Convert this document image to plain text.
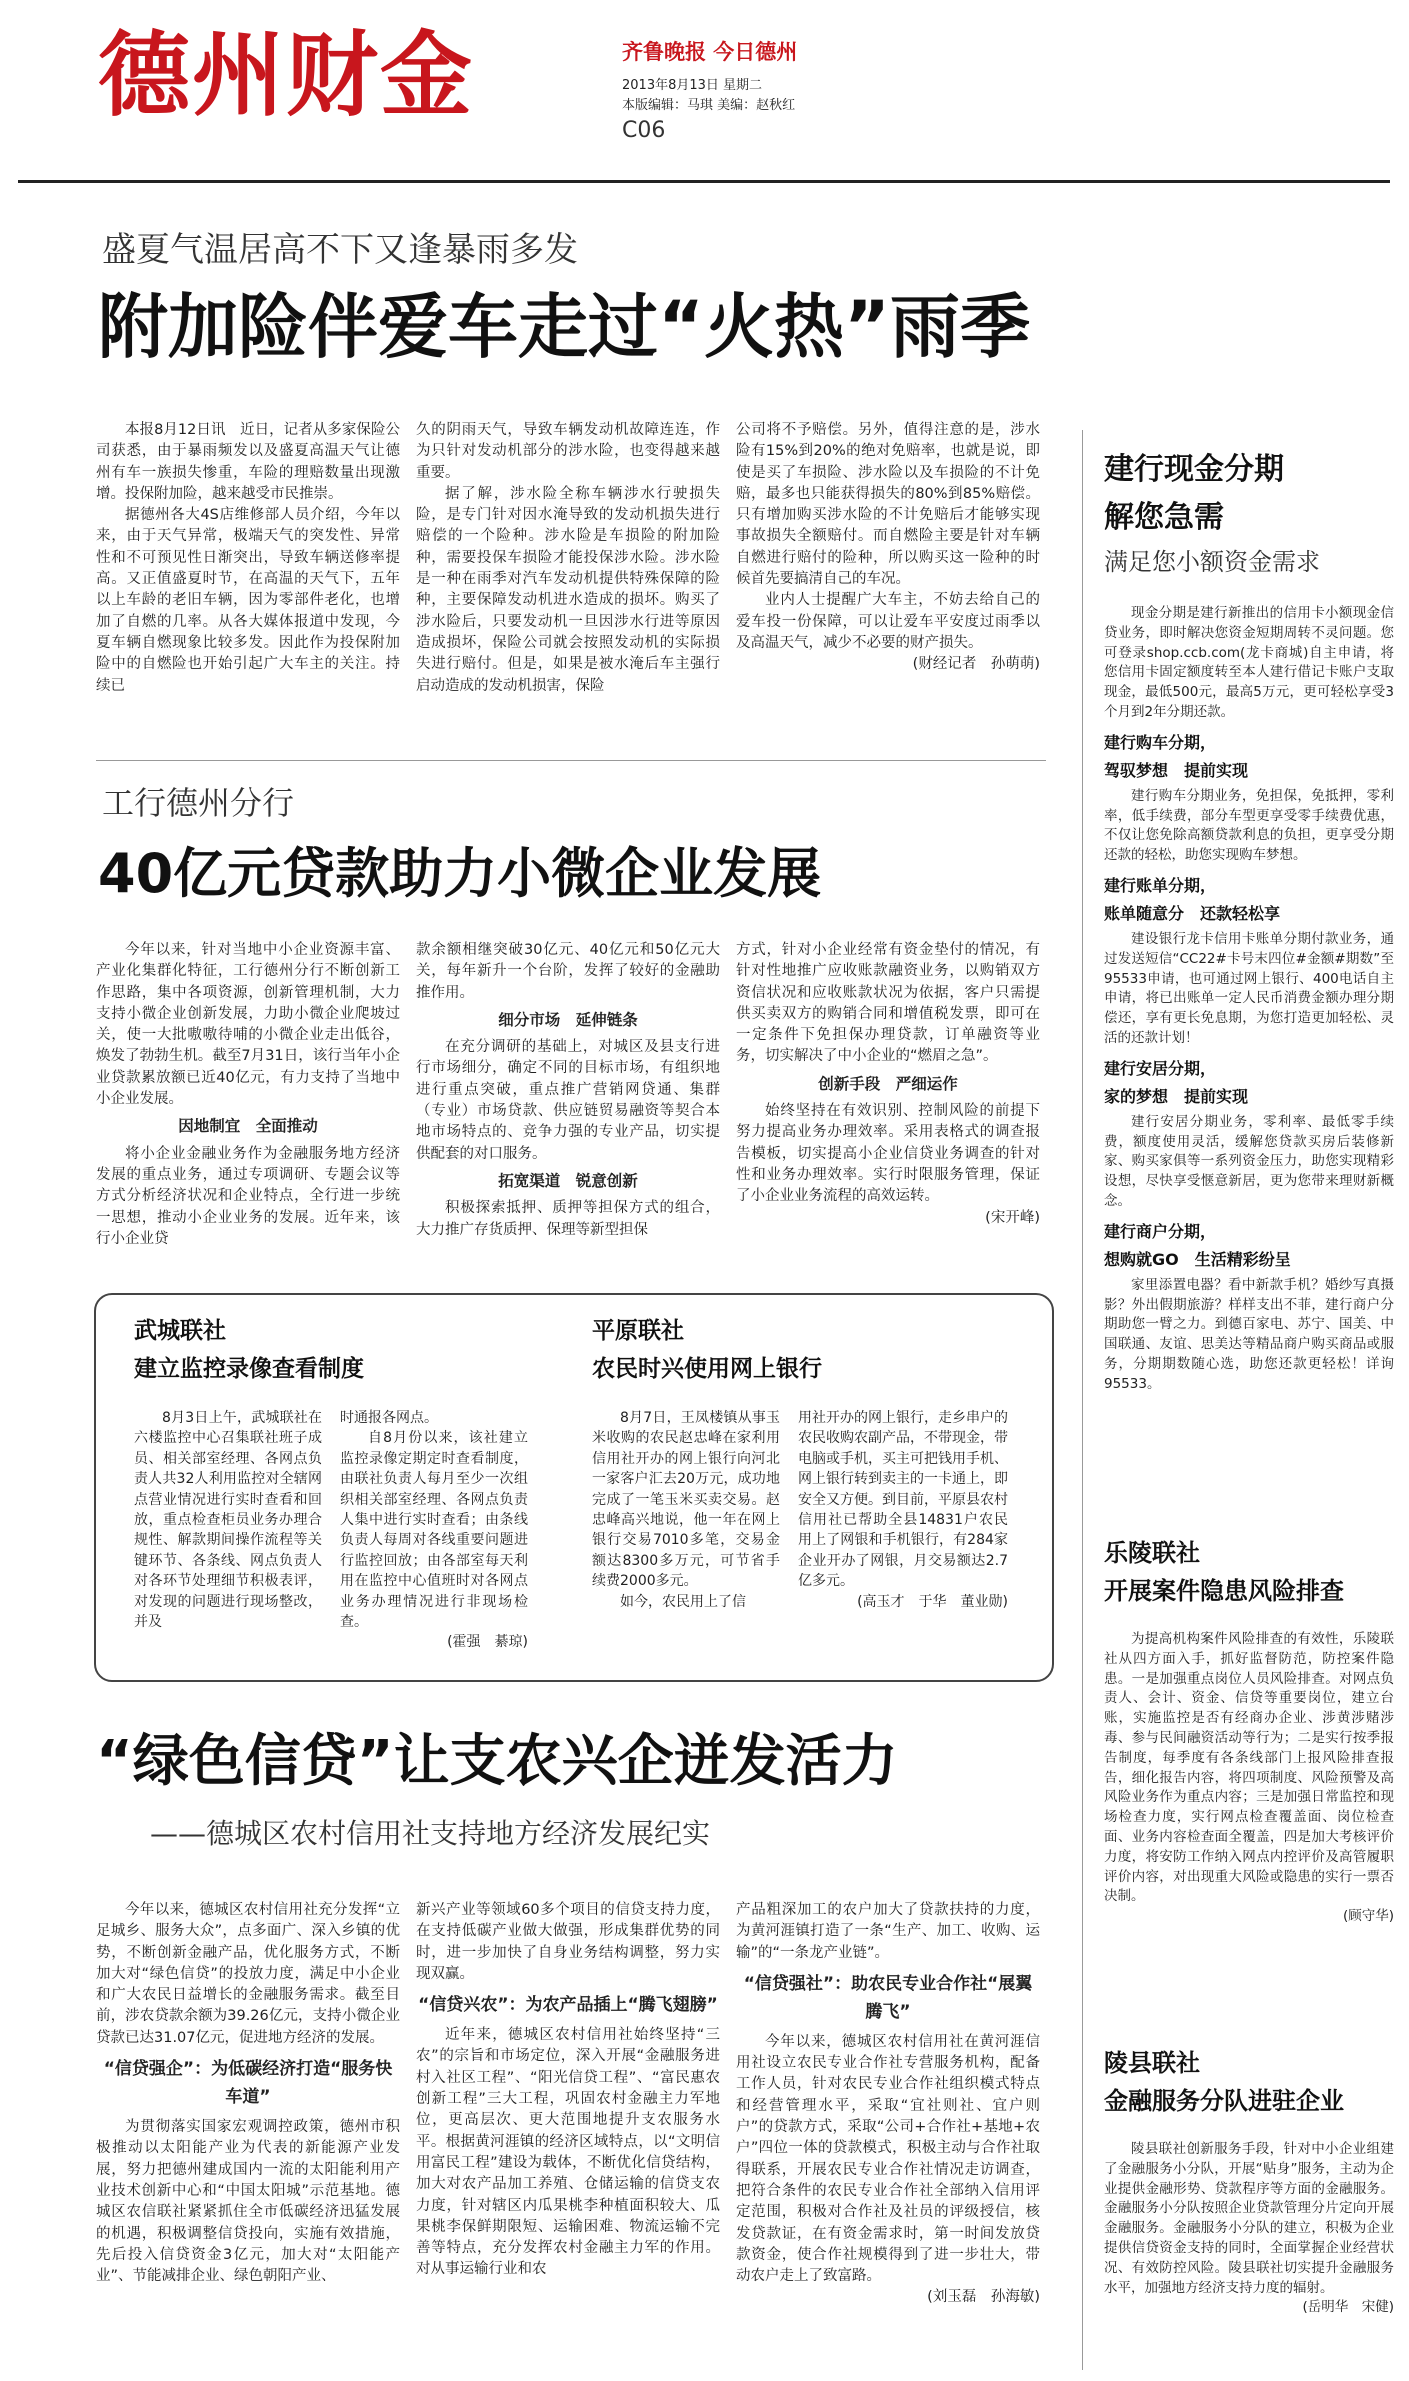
德州财金	齐鲁晚报 今日德州
2013年8月13日 星期二
本版编辑：马琪 美编：赵秋红
C06
盛夏气温居高不下又逢暴雨多发
附加险伴爱车走过“火热”雨季

本报8月12日讯　近日，记者从多家保险公司获悉，由于暴雨频发以及盛夏高温天气让德州有车一族损失惨重，车险的理赔数量出现激增。投保附加险，越来越受市民推崇。

据德州各大4S店维修部人员介绍，今年以来，由于天气异常，极端天气的突发性、异常性和不可预见性日渐突出，导致车辆送修率提高。又正值盛夏时节，在高温的天气下，五年以上车龄的老旧车辆，因为零部件老化，也增加了自燃的几率。从各大媒体报道中发现，今夏车辆自燃现象比较多发。因此作为投保附加险中的自燃险也开始引起广大车主的关注。持续已

久的阴雨天气，导致车辆发动机故障连连，作为只针对发动机部分的涉水险，也变得越来越重要。

据了解，涉水险全称车辆涉水行驶损失险，是专门针对因水淹导致的发动机损失进行赔偿的一个险种。涉水险是车损险的附加险种，需要投保车损险才能投保涉水险。涉水险是一种在雨季对汽车发动机提供特殊保障的险种，主要保障发动机进水造成的损坏。购买了涉水险后，只要发动机一旦因涉水行进等原因造成损坏，保险公司就会按照发动机的实际损失进行赔付。但是，如果是被水淹后车主强行启动造成的发动机损害，保险

公司将不予赔偿。另外，值得注意的是，涉水险有15%到20%的绝对免赔率，也就是说，即使是买了车损险、涉水险以及车损险的不计免赔，最多也只能获得损失的80%到85%赔偿。只有增加购买涉水险的不计免赔后才能够实现事故损失全额赔付。而自燃险主要是针对车辆自燃进行赔付的险种，所以购买这一险种的时候首先要搞清自己的车况。

业内人士提醒广大车主，不妨去给自己的爱车投一份保障，可以让爱车平安度过雨季以及高温天气，减少不必要的财产损失。

(财经记者　孙萌萌)
工行德州分行
40亿元贷款助力小微企业发展

今年以来，针对当地中小企业资源丰富、产业化集群化特征，工行德州分行不断创新工作思路，集中各项资源，创新管理机制，大力支持小微企业创新发展，力助小微企业爬坡过关，使一大批嗷嗷待哺的小微企业走出低谷，焕发了勃勃生机。截至7月31日，该行当年小企业贷款累放额已近40亿元，有力支持了当地中小企业发展。

因地制宜　全面推动

将小企业金融业务作为金融服务地方经济发展的重点业务，通过专项调研、专题会议等方式分析经济状况和企业特点，全行进一步统一思想，推动小企业业务的发展。近年来，该行小企业贷

款余额相继突破30亿元、40亿元和50亿元大关，每年新升一个台阶，发挥了较好的金融助推作用。

细分市场　延伸链条

在充分调研的基础上，对城区及县支行进行市场细分，确定不同的目标市场，有组织地进行重点突破，重点推广营销网贷通、集群（专业）市场贷款、供应链贸易融资等契合本地市场特点的、竞争力强的专业产品，切实提供配套的对口服务。

拓宽渠道　锐意创新

积极探索抵押、质押等担保方式的组合，大力推广存货质押、保理等新型担保

方式，针对小企业经常有资金垫付的情况，有针对性地推广应收账款融资业务，以购销双方资信状况和应收账款状况为依据，客户只需提供买卖双方的购销合同和增值税发票，即可在一定条件下免担保办理贷款，订单融资等业务，切实解决了中小企业的“燃眉之急”。

创新手段　严细运作

始终坚持在有效识别、控制风险的前提下努力提高业务办理效率。采用表格式的调查报告模板，切实提高小企业信贷业务调查的针对性和业务办理效率。实行时限服务管理，保证了小企业业务流程的高效运转。

(宋开峰)
武城联社
建立监控录像查看制度

8月3日上午，武城联社在六楼监控中心召集联社班子成员、相关部室经理、各网点负责人共32人利用监控对全辖网点营业情况进行实时查看和回放，重点检查柜员业务办理合规性、解款期间操作流程等关键环节、各条线、网点负责人对各环节处理细节积极表评，对发现的问题进行现场整改，并及

时通报各网点。

自8月份以来，该社建立监控录像定期定时查看制度，由联社负责人每月至少一次组织相关部室经理、各网点负责人集中进行实时查看；由条线负责人每周对各线重要问题进行监控回放；由各部室每天利用在监控中心值班时对各网点业务办理情况进行非现场检查。

(霍强　綦琼)
平原联社
农民时兴使用网上银行

8月7日，王凤楼镇从事玉米收购的农民赵忠峰在家利用信用社开办的网上银行向河北一家客户汇去20万元，成功地完成了一笔玉米买卖交易。赵忠峰高兴地说，他一年在网上银行交易7010多笔，交易金额达8300多万元，可节省手续费2000多元。

如今，农民用上了信

用社开办的网上银行，走乡串户的农民收购农副产品，不带现金，带电脑或手机，买主可把钱用手机、网上银行转到卖主的一卡通上，即安全又方便。到目前，平原县农村信用社已帮助全县14831户农民用上了网银和手机银行，有284家企业开办了网银，月交易额达2.7亿多元。

(高玉才　于华　董业勋)
“绿色信贷”让支农兴企迸发活力
——德城区农村信用社支持地方经济发展纪实

今年以来，德城区农村信用社充分发挥“立足城乡、服务大众”，点多面广、深入乡镇的优势，不断创新金融产品，优化服务方式，不断加大对“绿色信贷”的投放力度，满足中小企业和广大农民日益增长的金融服务需求。截至目前，涉农贷款余额为39.26亿元，支持小微企业贷款已达31.07亿元，促进地方经济的发展。

“信贷强企”：为低碳经济打造“服务快车道”

为贯彻落实国家宏观调控政策，德州市积极推动以太阳能产业为代表的新能源产业发展，努力把德州建成国内一流的太阳能利用产业技术创新中心和“中国太阳城”示范基地。德城区农信联社紧紧抓住全市低碳经济迅猛发展的机遇，积极调整信贷投向，实施有效措施，先后投入信贷资金3亿元，加大对“太阳能产业”、节能减排企业、绿色朝阳产业、

新兴产业等领域60多个项目的信贷支持力度，在支持低碳产业做大做强，形成集群优势的同时，进一步加快了自身业务结构调整，努力实现双赢。

“信贷兴农”：为农产品插上“腾飞翅膀”

近年来，德城区农村信用社始终坚持“三农”的宗旨和市场定位，深入开展“金融服务进村入社区工程”、“阳光信贷工程”、“富民惠农创新工程”三大工程，巩固农村金融主力军地位，更高层次、更大范围地提升支农服务水平。根据黄河涯镇的经济区域特点，以“文明信用富民工程”建设为载体，不断优化信贷结构，加大对农产品加工养殖、仓储运输的信贷支农力度，针对辖区内瓜果桃李种植面积较大、瓜果桃李保鲜期限短、运输困难、物流运输不完善等特点，充分发挥农村金融主力军的作用。对从事运输行业和农

产品粗深加工的农户加大了贷款扶持的力度，为黄河涯镇打造了一条“生产、加工、收购、运输”的“一条龙产业链”。

“信贷强社”：助农民专业合作社“展翼腾飞”

今年以来，德城区农村信用社在黄河涯信用社设立农民专业合作社专营服务机构，配备工作人员，针对农民专业合作社组织模式特点和经营管理水平，采取“宜社则社、宜户则户”的贷款方式，采取“公司+合作社+基地+农户”四位一体的贷款模式，积极主动与合作社取得联系，开展农民专业合作社情况走访调查，把符合条件的农民专业合作社全部纳入信用评定范围，积极对合作社及社员的评级授信，核发贷款证，在有资金需求时，第一时间发放贷款资金，使合作社规模得到了进一步壮大，带动农户走上了致富路。

(刘玉磊　孙海敏)
建行现金分期
解您急需
满足您小额资金需求

现金分期是建行新推出的信用卡小额现金信贷业务，即时解决您资金短期周转不灵问题。您可登录shop.ccb.com(龙卡商城)自主申请，将您信用卡固定额度转至本人建行借记卡账户支取现金，最低500元，最高5万元，更可轻松享受3个月到2年分期还款。

建行购车分期，
驾驭梦想　提前实现

建行购车分期业务，免担保，免抵押，零利率，低手续费，部分车型更享受零手续费优惠，不仅让您免除高额贷款利息的负担，更享受分期还款的轻松，助您实现购车梦想。

建行账单分期，
账单随意分　还款轻松享

建设银行龙卡信用卡账单分期付款业务，通过发送短信“CC22#卡号末四位#金额#期数”至95533申请，也可通过网上银行、400电话自主申请，将已出账单一定人民币消费金额办理分期偿还，享有更长免息期，为您打造更加轻松、灵活的还款计划！

建行安居分期，
家的梦想　提前实现

建行安居分期业务，零利率、最低零手续费，额度使用灵活，缓解您贷款买房后装修新家、购买家俱等一系列资金压力，助您实现精彩设想，尽快享受惬意新居，更为您带来理财新概念。

建行商户分期，
想购就GO　生活精彩纷呈

家里添置电器？看中新款手机？婚纱写真摄影？外出假期旅游？样样支出不菲，建行商户分期助您一臂之力。到德百家电、苏宁、国美、中国联通、友谊、思美达等精品商户购买商品或服务，分期期数随心选，助您还款更轻松！详询95533。

乐陵联社
开展案件隐患风险排查

为提高机构案件风险排查的有效性，乐陵联社从四方面入手，抓好监督防范，防控案件隐患。一是加强重点岗位人员风险排查。对网点负责人、会计、资金、信贷等重要岗位，建立台账，实施监控是否有经商办企业、涉黄涉赌涉毒、参与民间融资活动等行为；二是实行按季报告制度，每季度有各条线部门上报风险排查报告，细化报告内容，将四项制度、风险预警及高风险业务作为重点内容；三是加强日常监控和现场检查力度，实行网点检查覆盖面、岗位检查面、业务内容检查面全覆盖，四是加大考核评价力度，将安防工作纳入网点内控评价及高管履职评价内容，对出现重大风险或隐患的实行一票否决制。

(顾守华)
陵县联社
金融服务分队进驻企业

陵县联社创新服务手段，针对中小企业组建了金融服务小分队，开展“贴身”服务，主动为企业提供金融形势、贷款程序等方面的金融服务。金融服务小分队按照企业贷款管理分片定向开展金融服务。金融服务小分队的建立，积极为企业提供信贷资金支持的同时，全面掌握企业经营状况、有效防控风险。陵县联社切实提升金融服务水平，加强地方经济支持力度的辐射。

(岳明华　宋健)
